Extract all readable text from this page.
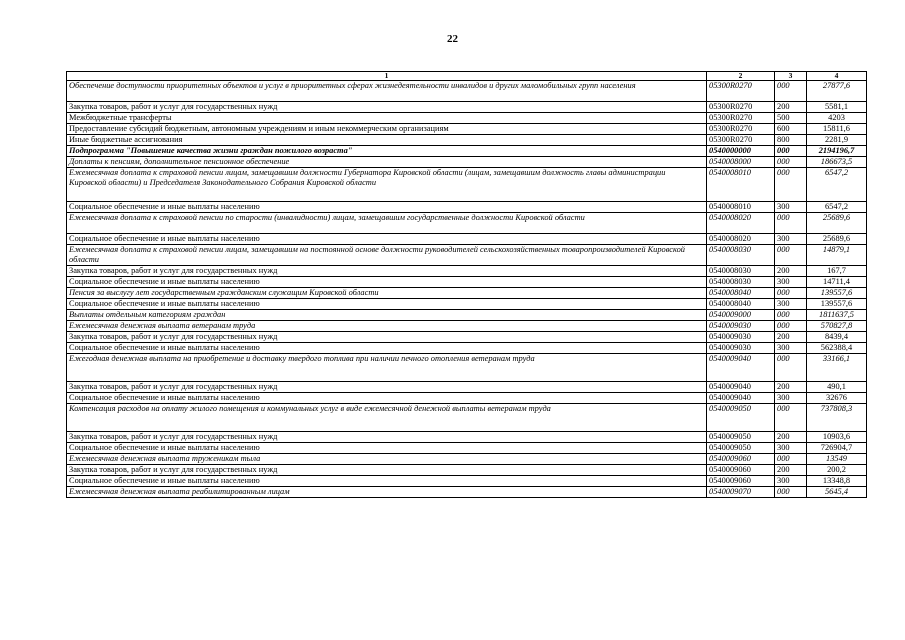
22
1	2	3	4
Обеспечение доступности приоритетных объектов и услуг в приоритетных сферах жизнедеятельности инвалидов и других маломобильных групп населения	05300R0270	000	27877,6
Закупка товаров, работ и услуг для государственных нужд	05300R0270	200	5581,1
Межбюджетные трансферты	05300R0270	500	4203
Предоставление субсидий бюджетным, автономным учреждениям и иным некоммерческим организациям	05300R0270	600	15811,6
Иные бюджетные ассигнования	05300R0270	800	2281,9
Подпрограмма "Повышение качества жизни граждан пожилого возраста"	0540000000	000	2194196,7
Доплаты к пенсиям, дополнительное пенсионное обеспечение	0540008000	000	186673,5
Ежемесячная доплата к страховой пенсии лицам, замещавшим должности Губернатора Кировской области (лицам, замещавшим должность главы администрации Кировской области) и Председателя Законодательного Собрания Кировской области	0540008010	000	6547,2
Социальное обеспечение и иные выплаты населению	0540008010	300	6547,2
Ежемесячная доплата к страховой пенсии по старости (инвалидности) лицам, замещавшим государственные должности Кировской области	0540008020	000	25689,6
Социальное обеспечение и иные выплаты населению	0540008020	300	25689,6
Ежемесячная доплата к страховой пенсии лицам, замещавшим на постоянной основе должности руководителей сельскохозяйственных товаропроизводителей Кировской области	0540008030	000	14879,1
Закупка товаров, работ и услуг для государственных нужд	0540008030	200	167,7
Социальное обеспечение и иные выплаты населению	0540008030	300	14711,4
Пенсия за выслугу лет государственным гражданским служащим Кировской области	0540008040	000	139557,6
Социальное обеспечение и иные выплаты населению	0540008040	300	139557,6
Выплаты отдельным категориям граждан	0540009000	000	1811637,5
Ежемесячная денежная выплата ветеранам труда	0540009030	000	570827,8
Закупка товаров, работ и услуг для государственных нужд	0540009030	200	8439,4
Социальное обеспечение и иные выплаты населению	0540009030	300	562388,4
Ежегодная денежная выплата на приобретение и доставку твердого топлива при наличии печного отопления ветеранам труда	0540009040	000	33166,1
Закупка товаров, работ и услуг для государственных нужд	0540009040	200	490,1
Социальное обеспечение и иные выплаты населению	0540009040	300	32676
Компенсация расходов на оплату жилого помещения и коммунальных услуг в виде ежемесячной денежной выплаты ветеранам труда	0540009050	000	737808,3
Закупка товаров, работ и услуг для государственных нужд	0540009050	200	10903,6
Социальное обеспечение и иные выплаты населению	0540009050	300	726904,7
Ежемесячная денежная выплата труженикам тыла	0540009060	000	13549
Закупка товаров, работ и услуг для государственных нужд	0540009060	200	200,2
Социальное обеспечение и иные выплаты населению	0540009060	300	13348,8
Ежемесячная денежная выплата реабилитированным лицам	0540009070	000	5645,4
